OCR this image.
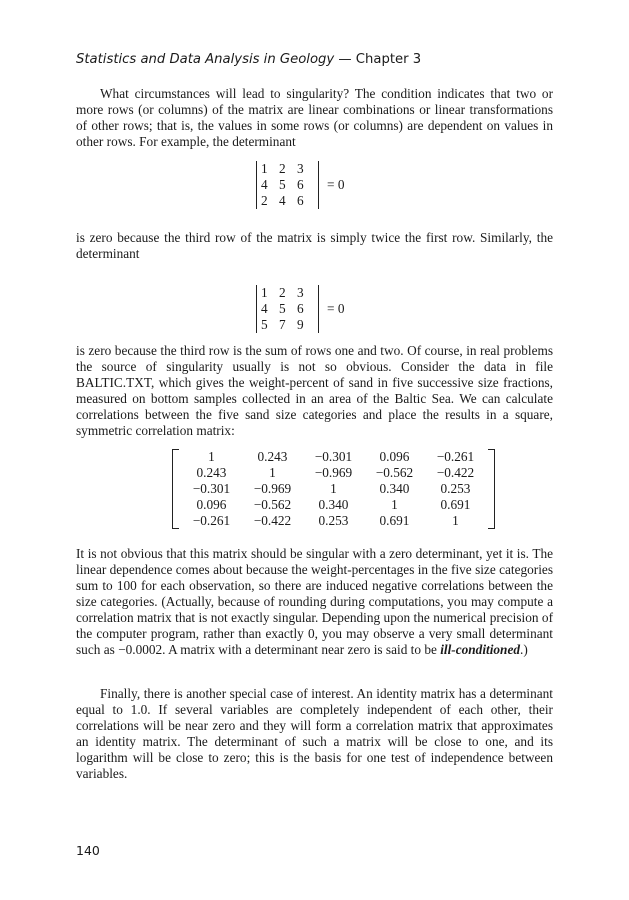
Statistics and Data Analysis in Geology — Chapter 3

What circumstances will lead to singularity? The condition indicates that two or more rows (or columns) of the matrix are linear combinations or linear transformations of other rows; that is, the values in some rows (or columns) are dependent on values in other rows. For example, the determinant

1 2 3
4 5 6
2 4 6
= 0

is zero because the third row of the matrix is simply twice the first row. Similarly, the determinant

1 2 3
4 5 6
5 7 9
= 0

is zero because the third row is the sum of rows one and two. Of course, in real problems the source of singularity usually is not so obvious. Consider the data in file BALTIC.TXT, which gives the weight-percent of sand in five successive size fractions, measured on bottom samples collected in an area of the Baltic Sea. We can calculate correlations between the five sand size categories and place the results in a square, symmetric correlation matrix:

1	0.243	−0.301	0.096	−0.261
0.243	1	−0.969	−0.562	−0.422
−0.301	−0.969	1	0.340	0.253
0.096	−0.562	0.340	1	0.691
−0.261	−0.422	0.253	0.691	1

It is not obvious that this matrix should be singular with a zero determinant, yet it is. The linear dependence comes about because the weight-percentages in the five size categories sum to 100 for each observation, so there are induced negative correlations between the size categories. (Actually, because of rounding during computations, you may compute a correlation matrix that is not exactly singular. Depending upon the numerical precision of the computer program, rather than exactly 0, you may observe a very small determinant such as −0.0002. A matrix with a determinant near zero is said to be ill-conditioned.)

Finally, there is another special case of interest. An identity matrix has a determinant equal to 1.0. If several variables are completely independent of each other, their correlations will be near zero and they will form a correlation matrix that approximates an identity matrix. The determinant of such a matrix will be close to one, and its logarithm will be close to zero; this is the basis for one test of independence between variables.

140
